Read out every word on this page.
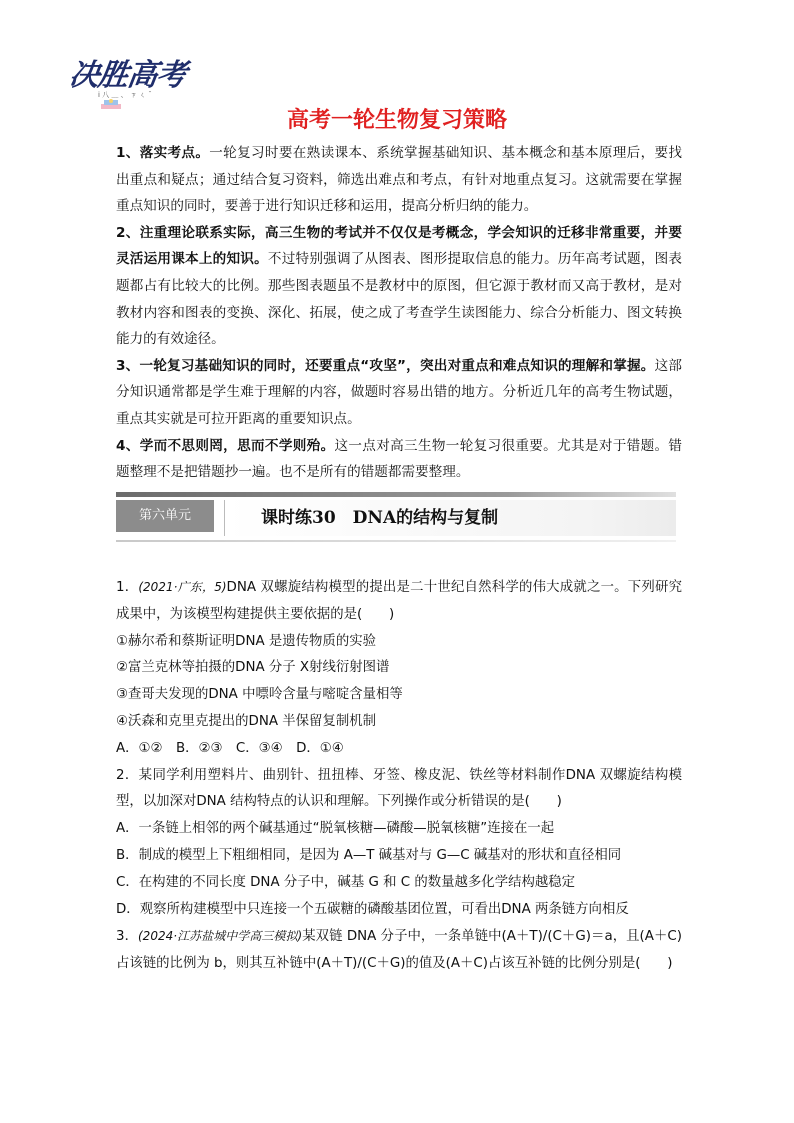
决胜高考
ⅰ 八 ﹏ 、 ㄗ ㄑ ˉ
高考一轮生物复习策略

1、落实考点。一轮复习时要在熟读课本、系统掌握基础知识、基本概念和基本原理后，要找出重点和疑点；通过结合复习资料，筛选出难点和考点，有针对地重点复习。这就需要在掌握重点知识的同时，要善于进行知识迁移和运用，提高分析归纳的能力。

2、注重理论联系实际，高三生物的考试并不仅仅是考概念，学会知识的迁移非常重要，并要灵活运用课本上的知识。不过特别强调了从图表、图形提取信息的能力。历年高考试题，图表题都占有比较大的比例。那些图表题虽不是教材中的原图，但它源于教材而又高于教材，是对教材内容和图表的变换、深化、拓展，使之成了考查学生读图能力、综合分析能力、图文转换能力的有效途径。

3、一轮复习基础知识的同时，还要重点“攻坚”，突出对重点和难点知识的理解和掌握。这部分知识通常都是学生难于理解的内容，做题时容易出错的地方。分析近几年的高考生物试题，重点其实就是可拉开距离的重要知识点。

4、学而不思则罔，思而不学则殆。这一点对高三生物一轮复习很重要。尤其是对于错题。错题整理不是把错题抄一遍。也不是所有的错题都需要整理。

第六单元	课时练30　DNA的结构与复制

1．(2021·广东，5)DNA 双螺旋结构模型的提出是二十世纪自然科学的伟大成就之一。下列研究成果中，为该模型构建提供主要依据的是(　　)

①赫尔希和蔡斯证明DNA 是遗传物质的实验

②富兰克林等拍摄的DNA 分子 X射线衍射图谱

③查哥夫发现的DNA 中嘌呤含量与嘧啶含量相等

④沃森和克里克提出的DNA 半保留复制机制

A．①②　B．②③　C．③④　D．①④

2．某同学利用塑料片、曲别针、扭扭棒、牙签、橡皮泥、铁丝等材料制作DNA 双螺旋结构模型，以加深对DNA 结构特点的认识和理解。下列操作或分析错误的是(　　)

A．一条链上相邻的两个碱基通过“脱氧核糖—磷酸—脱氧核糖”连接在一起

B．制成的模型上下粗细相同，是因为 A—T 碱基对与 G—C 碱基对的形状和直径相同

C．在构建的不同长度 DNA 分子中，碱基 G 和 C 的数量越多化学结构越稳定

D．观察所构建模型中只连接一个五碳糖的磷酸基团位置，可看出DNA 两条链方向相反

3．(2024·江苏盐城中学高三模拟)某双链 DNA 分子中，一条单链中(A＋T)/(C＋G)＝a，且(A＋C)占该链的比例为 b，则其互补链中(A＋T)/(C＋G)的值及(A＋C)占该互补链的比例分别是(　　)
